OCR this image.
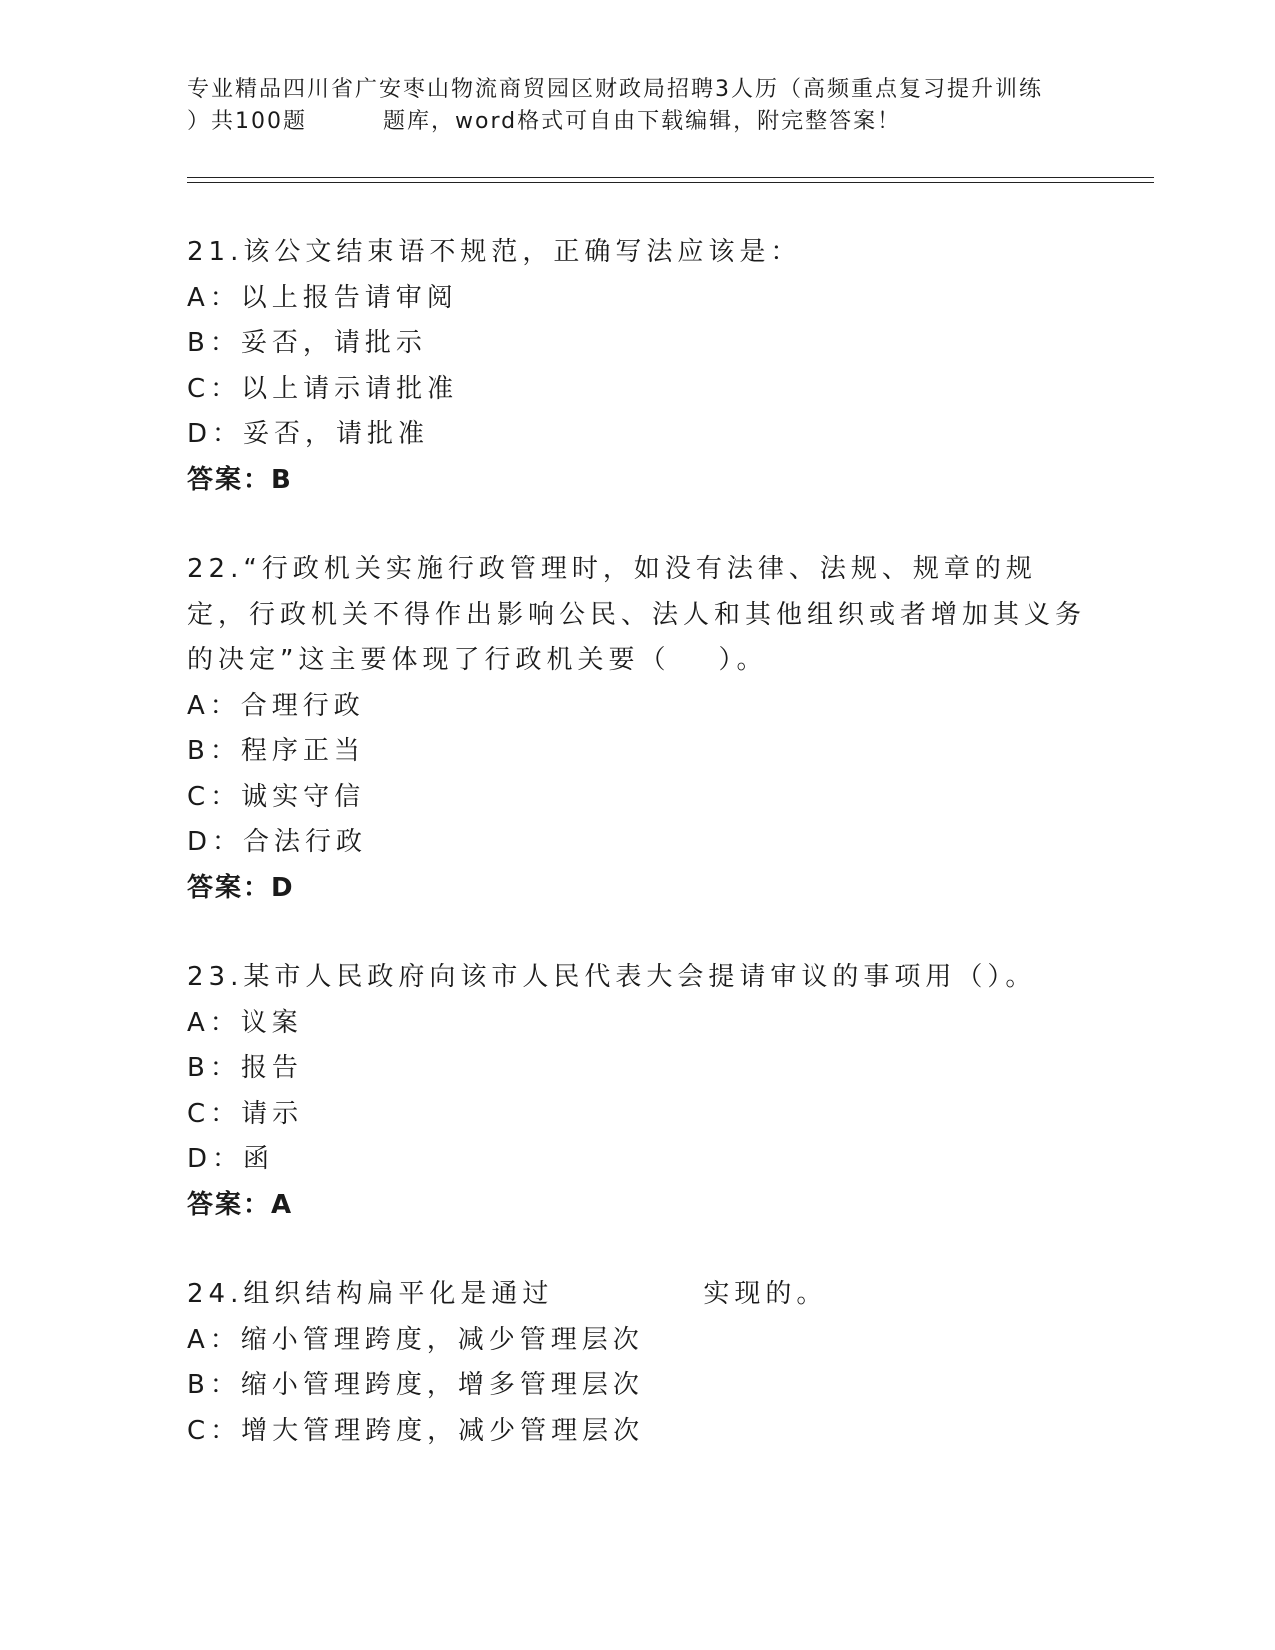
专业精品四川省广安枣山物流商贸园区财政局招聘3人历（高频重点复习提升训练
）共100题	题库，word格式可自由下载编辑，附完整答案！
21.该公文结束语不规范，正确写法应该是：
A：以上报告请审阅
B：妥否，请批示
C：以上请示请批准
D：妥否，请批准
答案：B
22.“行政机关实施行政管理时，如没有法律、法规、规章的规定，行政机关不得作出影响公民、法人和其他组织或者增加其义务的决定”这主要体现了行政机关要（ ）。
A：合理行政
B：程序正当
C：诚实守信
D：合法行政
答案：D
23.某市人民政府向该市人民代表大会提请审议的事项用（）。
A：议案
B：报告
C：请示
D：函
答案：A
24.组织结构扁平化是通过	实现的。
A：缩小管理跨度，减少管理层次
B：缩小管理跨度，增多管理层次
C：增大管理跨度，减少管理层次
